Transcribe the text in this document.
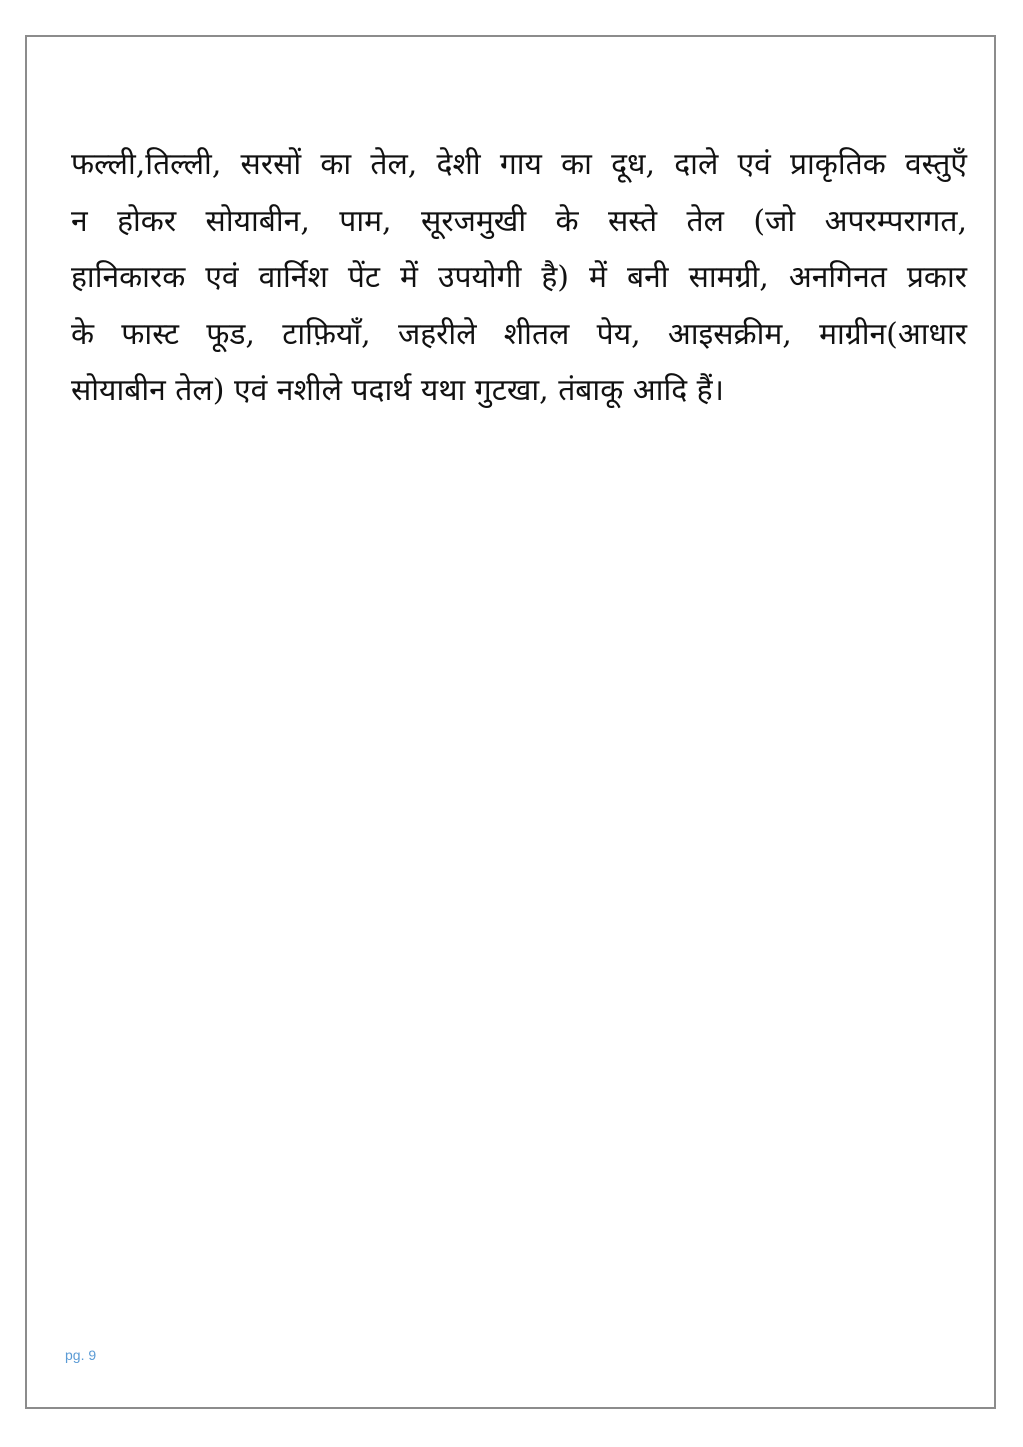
फल्ली,तिल्ली, सरसों का तेल, देशी गाय का दूध, दाले एवं प्राकृतिक वस्तुएँ
न होकर सोयाबीन, पाम, सूरजमुखी के सस्ते तेल (जो अपरम्परागत,
हानिकारक एवं वार्निश पेंट में उपयोगी है) में बनी सामग्री, अनगिनत प्रकार
के फास्ट फूड, टाफ़ियाँ, जहरीले शीतल पेय, आइसक्रीम, माग्रीन(आधार
सोयाबीन तेल) एवं नशीले पदार्थ यथा गुटखा, तंबाकू आदि हैं।

pg. 9
